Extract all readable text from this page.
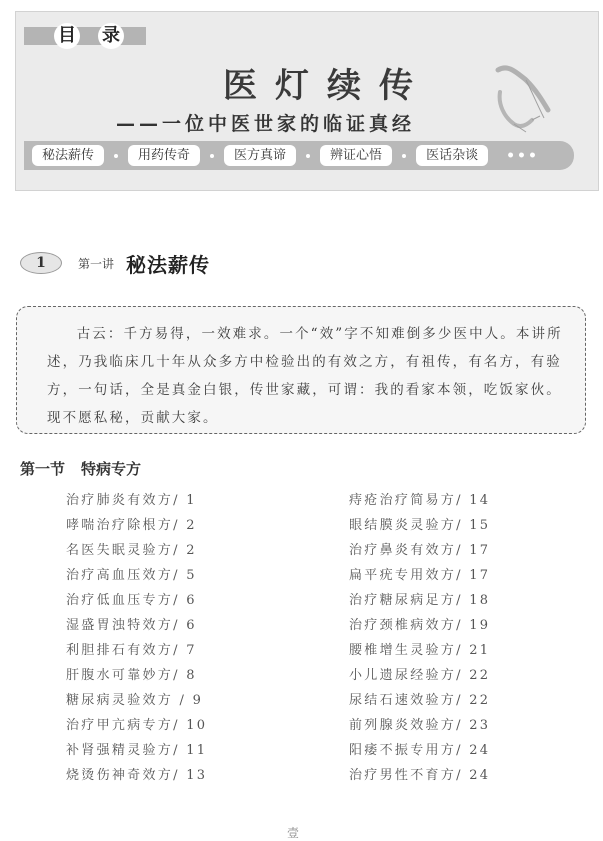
目 录
医灯续传
——一位中医世家的临证真经
秘法薪传	用药传奇	医方真谛	辨证心悟	医话杂谈	•••
1	第一讲 秘法薪传

古云：千方易得，一效难求。一个“效”字不知难倒多少医中人。本讲所述，乃我临床几十年从众多方中检验出的有效之方，有祖传，有名方，有验方，一句话，全是真金白银，传世家藏，可谓：我的看家本领，吃饭家伙。现不愿私秘，贡献大家。

第一节 特病专方
治疗肺炎有效方/ 1
哮喘治疗除根方/ 2
名医失眠灵验方/ 2
治疗高血压效方/ 5
治疗低血压专方/ 6
湿盛胃浊特效方/ 6
利胆排石有效方/ 7
肝腹水可靠妙方/ 8
糖尿病灵验效方 / 9
治疗甲亢病专方/ 10
补肾强精灵验方/ 11
烧烫伤神奇效方/ 13
痔疮治疗简易方/ 14
眼结膜炎灵验方/ 15
治疗鼻炎有效方/ 17
扁平疣专用效方/ 17
治疗糖尿病足方/ 18
治疗颈椎病效方/ 19
腰椎增生灵验方/ 21
小儿遗尿经验方/ 22
尿结石速效验方/ 22
前列腺炎效验方/ 23
阳痿不振专用方/ 24
治疗男性不育方/ 24
壹
